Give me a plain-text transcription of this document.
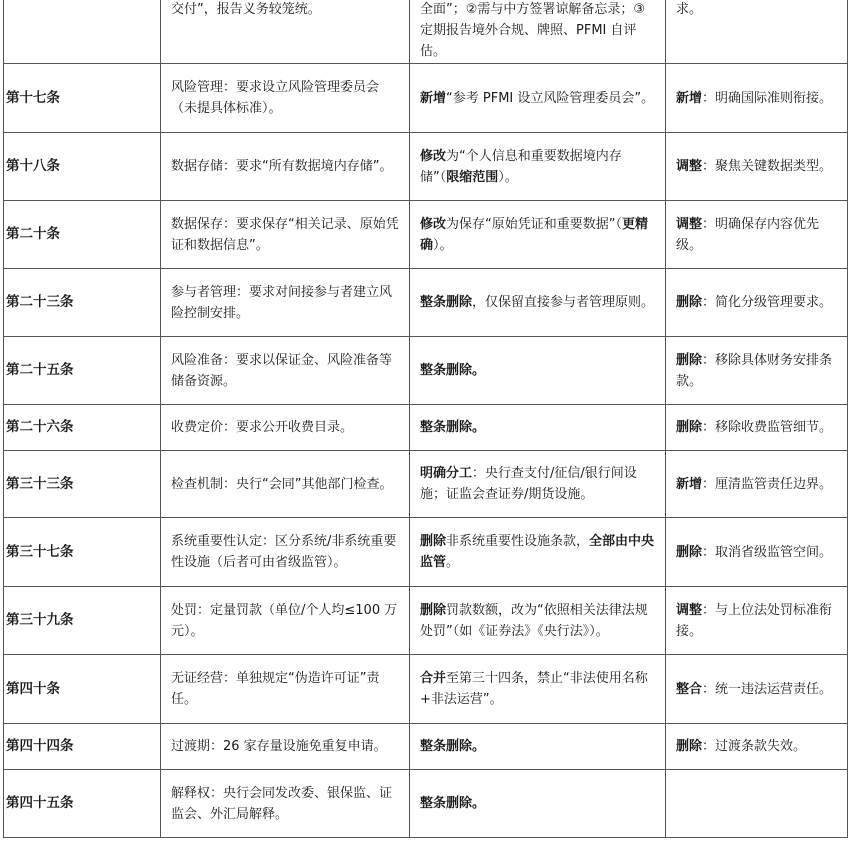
	交付”，报告义务较笼统。	全面”；②需与中方签署谅解备忘录；③定期报告境外合规、牌照、PFMI 自评估。	求。
第十七条	风险管理：要求设立风险管理委员会（未提具体标准）。	新增“参考 PFMI 设立风险管理委员会”。	新增：明确国际准则衔接。
第十八条	数据存储：要求“所有数据境内存储”。	修改为“个人信息和重要数据境内存储”（限缩范围）。	调整：聚焦关键数据类型。
第二十条	数据保存：要求保存“相关记录、原始凭证和数据信息”。	修改为保存“原始凭证和重要数据”（更精确）。	调整：明确保存内容优先级。
第二十三条	参与者管理：要求对间接参与者建立风险控制安排。	整条删除，仅保留直接参与者管理原则。	删除：简化分级管理要求。
第二十五条	风险准备：要求以保证金、风险准备等储备资源。	整条删除。	删除：移除具体财务安排条款。
第二十六条	收费定价：要求公开收费目录。	整条删除。	删除：移除收费监管细节。
第三十三条	检查机制：央行“会同”其他部门检查。	明确分工：央行查支付/征信/银行间设施；证监会查证券/期货设施。	新增：厘清监管责任边界。
第三十七条	系统重要性认定：区分系统/非系统重要性设施（后者可由省级监管）。	删除非系统重要性设施条款，全部由中央监管。	删除：取消省级监管空间。
第三十九条	处罚：定量罚款（单位/个人均≤100 万元）。	删除罚款数额，改为“依照相关法律法规处罚”（如《证券法》《央行法》）。	调整：与上位法处罚标准衔接。
第四十条	无证经营：单独规定“伪造许可证”责任。	合并至第三十四条，禁止“非法使用名称+非法运营”。	整合：统一违法运营责任。
第四十四条	过渡期：26 家存量设施免重复申请。	整条删除。	删除：过渡条款失效。
第四十五条	解释权：央行会同发改委、银保监、证监会、外汇局解释。	整条删除。	
